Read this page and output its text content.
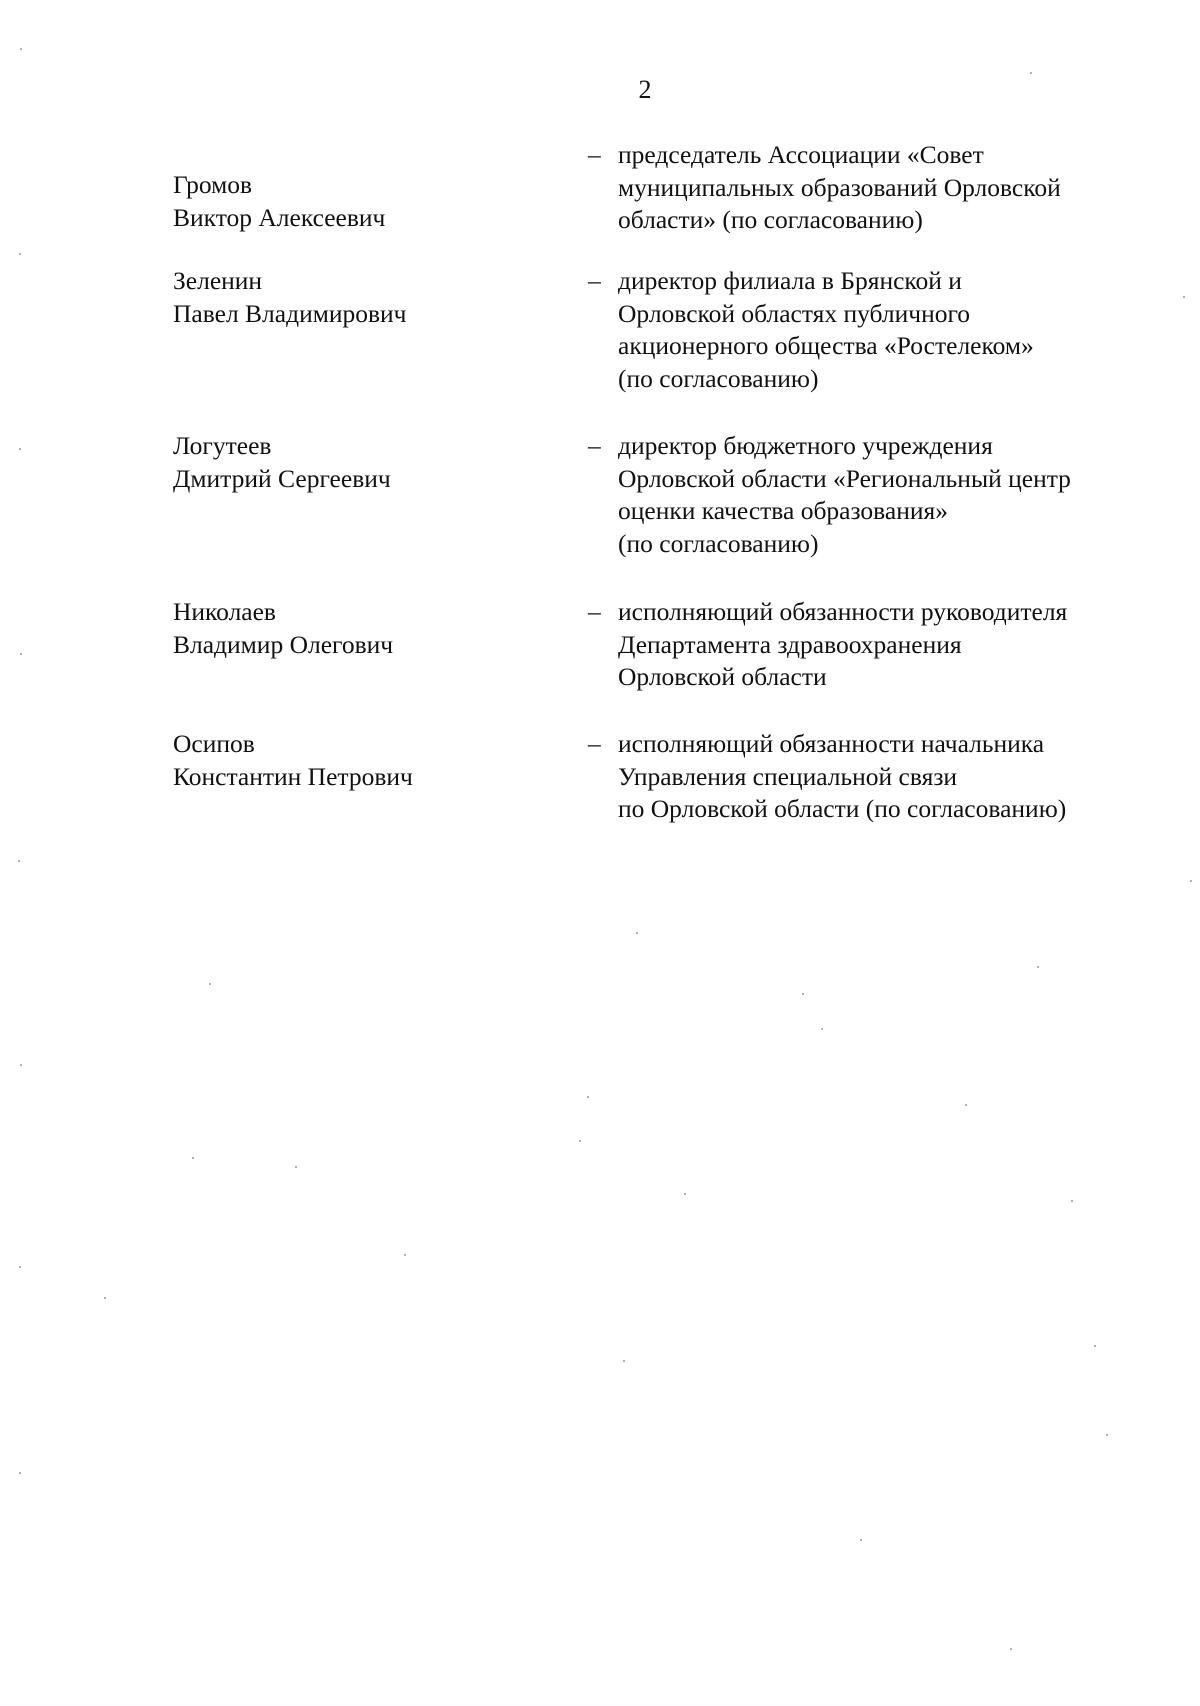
2
Громов
Виктор Алексеевич
– председатель Ассоциации «Совет
муниципальных образований Орловской
области» (по согласованию)
Зеленин
Павел Владимирович
– директор филиала в Брянской и
Орловской областях публичного
акционерного общества «Ростелеком»
(по согласованию)
Логутеев
Дмитрий Сергеевич
– директор бюджетного учреждения
Орловской области «Региональный центр
оценки качества образования»
(по согласованию)
Николаев
Владимир Олегович
– исполняющий обязанности руководителя
Департамента здравоохранения
Орловской области
Осипов
Константин Петрович
– исполняющий обязанности начальника
Управления специальной связи
по Орловской области (по согласованию)
